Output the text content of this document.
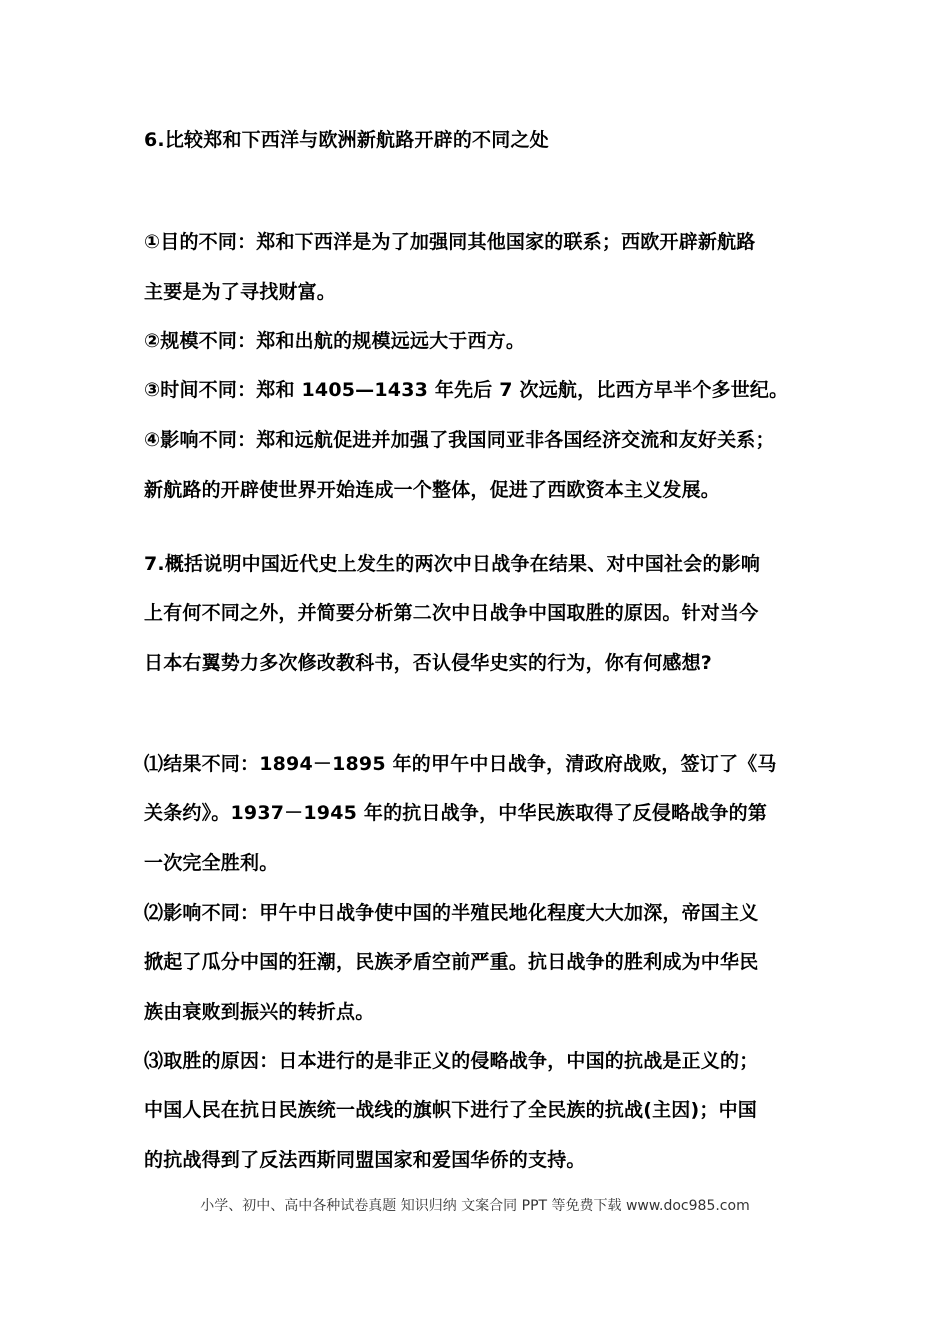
6.比较郑和下西洋与欧洲新航路开辟的不同之处
①目的不同：郑和下西洋是为了加强同其他国家的联系；西欧开辟新航路
主要是为了寻找财富。
②规模不同：郑和出航的规模远远大于西方。
③时间不同：郑和 1405—1433 年先后 7 次远航，比西方早半个多世纪。
④影响不同：郑和远航促进并加强了我国同亚非各国经济交流和友好关系；
新航路的开辟使世界开始连成一个整体，促进了西欧资本主义发展。
7.概括说明中国近代史上发生的两次中日战争在结果、对中国社会的影响
上有何不同之外，并简要分析第二次中日战争中国取胜的原因。针对当今
日本右翼势力多次修改教科书，否认侵华史实的行为，你有何感想?
⑴结果不同：1894－1895 年的甲午中日战争，清政府战败，签订了《马
关条约》。1937－1945 年的抗日战争，中华民族取得了反侵略战争的第
一次完全胜利。
⑵影响不同：甲午中日战争使中国的半殖民地化程度大大加深，帝国主义
掀起了瓜分中国的狂潮，民族矛盾空前严重。抗日战争的胜利成为中华民
族由衰败到振兴的转折点。
⑶取胜的原因：日本进行的是非正义的侵略战争，中国的抗战是正义的；
中国人民在抗日民族统一战线的旗帜下进行了全民族的抗战(主因)；中国
的抗战得到了反法西斯同盟国家和爱国华侨的支持。
小学、初中、高中各种试卷真题 知识归纳 文案合同 PPT 等免费下载 www.doc985.com
